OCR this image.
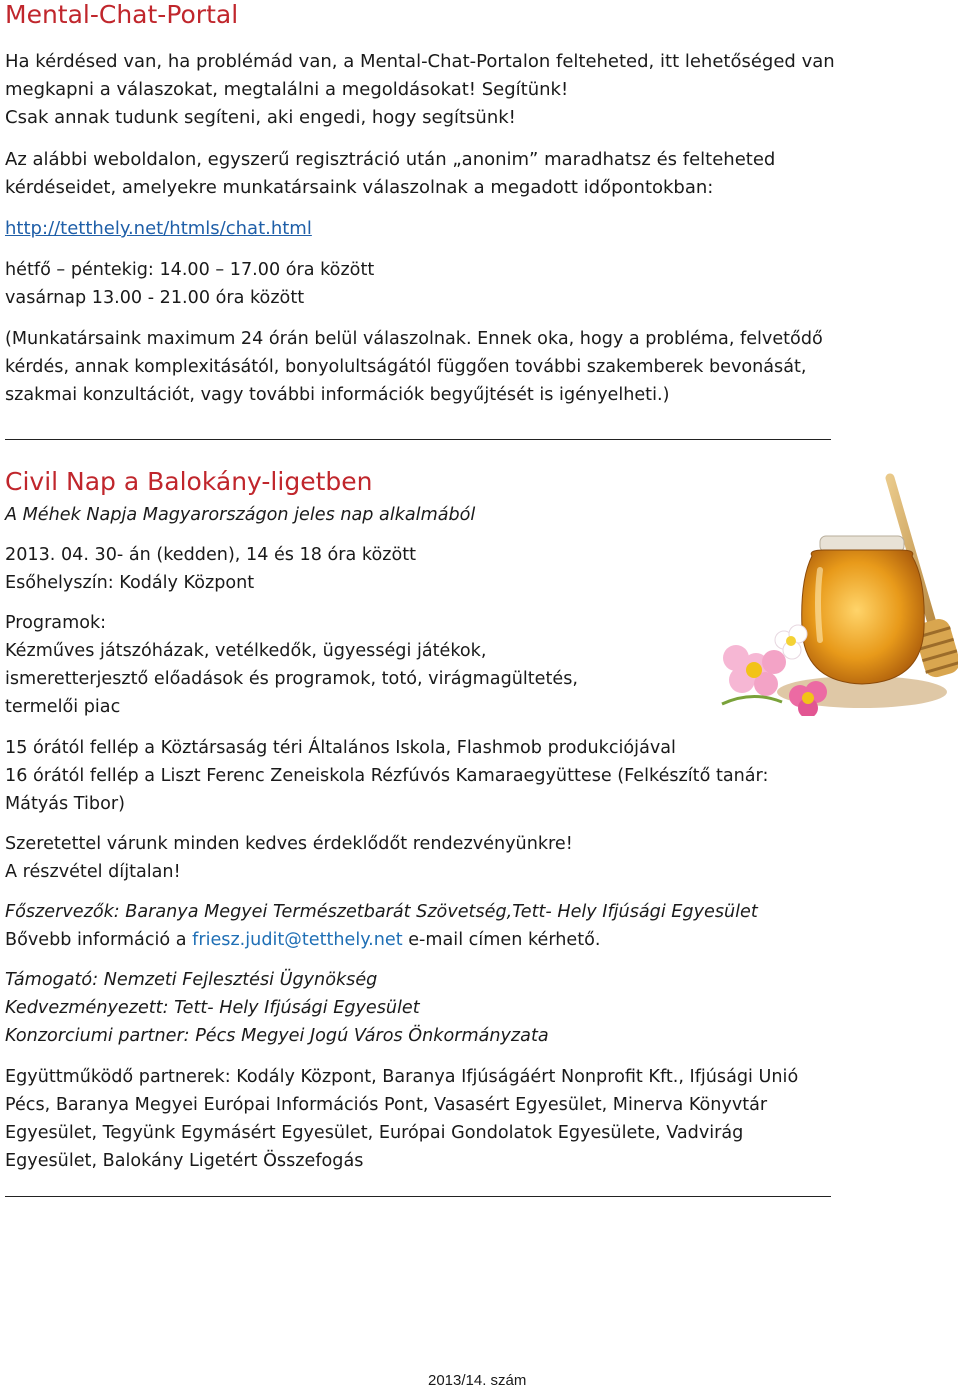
Mental-Chat-Portal
Ha kérdésed van, ha problémád van, a Mental-Chat-Portalon felteheted, itt lehetőséged van
megkapni a válaszokat, megtalálni a megoldásokat! Segítünk!
Csak annak tudunk segíteni, aki engedi, hogy segítsünk!
Az alábbi weboldalon, egyszerű regisztráció után „anonim” maradhatsz és felteheted
kérdéseidet, amelyekre munkatársaink válaszolnak a megadott időpontokban:
http://tetthely.net/htmls/chat.html
hétfő – péntekig: 14.00 – 17.00 óra között
vasárnap 13.00 - 21.00 óra között
(Munkatársaink maximum 24 órán belül válaszolnak. Ennek oka, hogy a probléma, felvetődő
kérdés, annak komplexitásától, bonyolultságától függően további szakemberek bevonását,
szakmai konzultációt, vagy további információk begyűjtését is igényelheti.)
Civil Nap a Balokány-ligetben
A Méhek Napja Magyarországon jeles nap alkalmából
2013. 04. 30- án (kedden), 14 és 18 óra között
Esőhelyszín: Kodály Központ
Programok:
Kézműves játszóházak, vetélkedők, ügyességi játékok,
ismeretterjesztő előadások és programok, totó, virágmagültetés,
termelői piac
15 órától fellép a Köztársaság téri Általános Iskola, Flashmob produkciójával
16 órától fellép a Liszt Ferenc Zeneiskola Rézfúvós Kamaraegyüttese (Felkészítő tanár:
Mátyás Tibor)
Szeretettel várunk minden kedves érdeklődőt rendezvényünkre!
A részvétel díjtalan!
Főszervezők: Baranya Megyei Természetbarát Szövetség,Tett- Hely Ifjúsági Egyesület
Bővebb információ a friesz.judit@tetthely.net e-mail címen kérhető.
Támogató: Nemzeti Fejlesztési Ügynökség
Kedvezményezett: Tett- Hely Ifjúsági Egyesület
Konzorciumi partner: Pécs Megyei Jogú Város Önkormányzata
Együttműködő partnerek: Kodály Központ, Baranya Ifjúságáért Nonprofit Kft., Ifjúsági Unió
Pécs, Baranya Megyei Európai Információs Pont, Vasasért Egyesület, Minerva Könyvtár
Egyesület, Tegyünk Egymásért Egyesület, Európai Gondolatok Egyesülete, Vadvirág
Egyesület, Balokány Ligetért Összefogás
2013/14. szám
